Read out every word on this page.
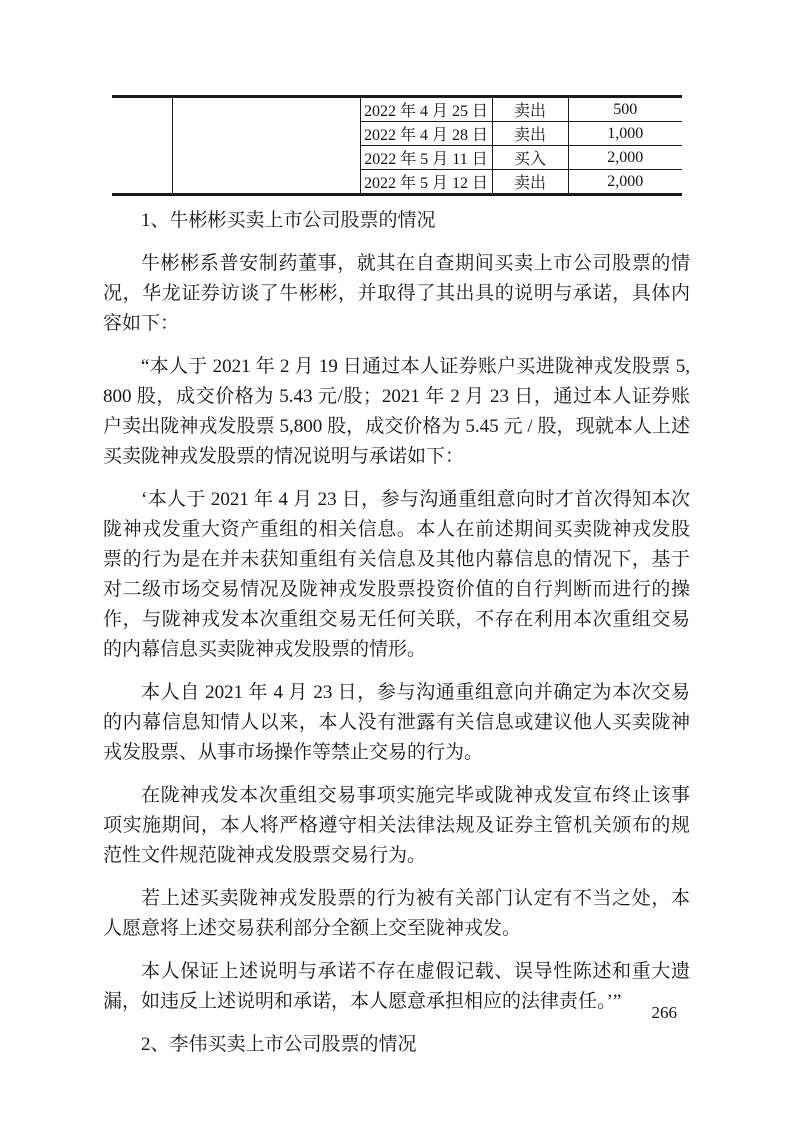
		2022 年 4 月 25 日	卖出	500
		2022 年 4 月 28 日	卖出	1,000
		2022 年 5 月 11 日	买入	2,000
		2022 年 5 月 12 日	卖出	2,000

1、牛彬彬买卖上市公司股票的情况

牛彬彬系普安制药董事，就其在自查期间买卖上市公司股票的情况，华龙证券访谈了牛彬彬，并取得了其出具的说明与承诺，具体内容如下：

“本人于 2021 年 2 月 19 日通过本人证券账户买进陇神戎发股票 5,800 股，成交价格为 5.43 元/股；2021 年 2 月 23 日，通过本人证券账户卖出陇神戎发股票 5,800 股，成交价格为 5.45 元 / 股，现就本人上述买卖陇神戎发股票的情况说明与承诺如下：

‘本人于 2021 年 4 月 23 日，参与沟通重组意向时才首次得知本次陇神戎发重大资产重组的相关信息。本人在前述期间买卖陇神戎发股票的行为是在并未获知重组有关信息及其他内幕信息的情况下，基于对二级市场交易情况及陇神戎发股票投资价值的自行判断而进行的操作，与陇神戎发本次重组交易无任何关联，不存在利用本次重组交易的内幕信息买卖陇神戎发股票的情形。

本人自 2021 年 4 月 23 日，参与沟通重组意向并确定为本次交易的内幕信息知情人以来，本人没有泄露有关信息或建议他人买卖陇神戎发股票、从事市场操作等禁止交易的行为。

在陇神戎发本次重组交易事项实施完毕或陇神戎发宣布终止该事项实施期间，本人将严格遵守相关法律法规及证券主管机关颁布的规范性文件规范陇神戎发股票交易行为。

若上述买卖陇神戎发股票的行为被有关部门认定有不当之处，本人愿意将上述交易获利部分全额上交至陇神戎发。

本人保证上述说明与承诺不存在虚假记载、误导性陈述和重大遗漏，如违反上述说明和承诺，本人愿意承担相应的法律责任。’”

2、李伟买卖上市公司股票的情况

266
